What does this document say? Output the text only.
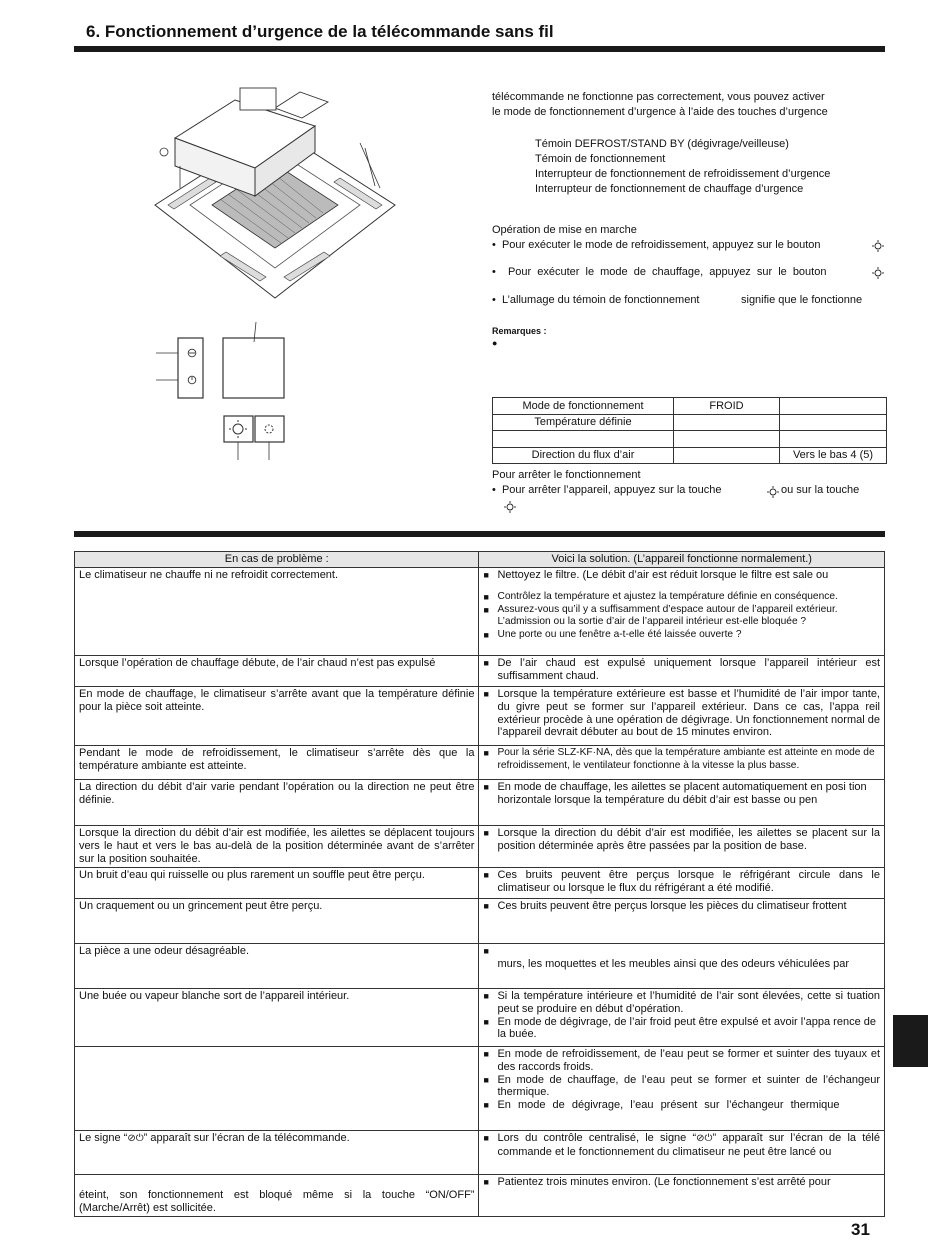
6. Fonctionnement d’urgence de la télécommande sans fil
télécommande ne fonctionne pas correctement, vous pouvez activer
le mode de fonctionnement d’urgence à l’aide des touches d’urgence
Témoin DEFROST/STAND BY (dégivrage/veilleuse)
Témoin de fonctionnement
Interrupteur de fonctionnement de refroidissement d’urgence
Interrupteur de fonctionnement de chauffage d’urgence
Opération de mise en marche
•  Pour exécuter le mode de refroidissement, appuyez sur le bouton
•  Pour exécuter le mode de chauffage, appuyez sur le bouton
•  L’allumage du témoin de fonctionnement	signifie que le fonctionne
Remarques :
●
Mode de fonctionnement	FROID	
Température définie		

Direction du flux d’air		Vers le bas 4 (5)
Pour arrêter le fonctionnement
•  Pour arrêter l’appareil, appuyez sur la touche	ou sur la touche
En cas de problème :	Voici la solution. (L’appareil fonctionne normalement.)
Le climatiseur ne chauffe ni ne refroidit correctement.	■ Nettoyez le filtre. (Le débit d’air est réduit lorsque le filtre est sale ou
■ Contrôlez la température et ajustez la température définie en conséquence.
■ Assurez-vous qu’il y a suffisamment d’espace autour de l’appareil extérieur. L’admission ou la sortie d’air de l’appareil intérieur est-elle bloquée ?
■ Une porte ou une fenêtre a-t-elle été laissée ouverte ?

Lorsque l’opération de chauffage débute, de l’air chaud n’est pas expulsé	■ De l’air chaud est expulsé uniquement lorsque l’appareil intérieur est suffisamment chaud.

En mode de chauffage, le climatiseur s’arrête avant que la température définie pour la pièce soit atteinte.	■ Lorsque la température extérieure est basse et l’humidité de l’air impor tante, du givre peut se former sur l’appareil extérieur. Dans ce cas, l’appa reil extérieur procède à une opération de dégivrage. Un fonctionnement normal de l’appareil devrait débuter au bout de 15 minutes environ.

Pendant le mode de refroidissement, le climatiseur s’arrête dès que la température ambiante est atteinte.	■ Pour la série SLZ-KF·NA, dès que la température ambiante est atteinte en mode de refroidissement, le ventilateur fonctionne à la vitesse la plus basse.

La direction du débit d’air varie pendant l’opération ou la direction ne peut être définie.	■ En mode de chauffage, les ailettes se placent automatiquement en posi tion horizontale lorsque la température du débit d’air est basse ou pen

Lorsque la direction du débit d’air est modifiée, les ailettes se déplacent toujours vers le haut et vers le bas au-delà de la position déterminée avant de s’arrêter sur la position souhaitée.	■ Lorsque la direction du débit d’air est modifiée, les ailettes se placent sur la position déterminée après être passées par la position de base.

Un bruit d’eau qui ruisselle ou plus rarement un souffle peut être perçu.	■ Ces bruits peuvent être perçus lorsque le réfrigérant circule dans le climatiseur ou lorsque le flux du réfrigérant a été modifié.

Un craquement ou un grincement peut être perçu.	■ Ces bruits peuvent être perçus lorsque les pièces du climatiseur frottent

La pièce a une odeur désagréable.	■ murs, les moquettes et les meubles ainsi que des odeurs véhiculées par

Une buée ou vapeur blanche sort de l’appareil intérieur.	■ Si la température intérieure et l’humidité de l’air sont élevées, cette si tuation peut se produire en début d’opération.
■ En mode de dégivrage, de l’air froid peut être expulsé et avoir l’appa rence de la buée.

	■ En mode de refroidissement, de l’eau peut se former et suinter des tuyaux et des raccords froids.
■ En mode de chauffage, de l’eau peut se former et suinter de l’échangeur thermique.
■ En mode de dégivrage, l’eau présent sur l’échangeur thermique

Le signe “⊘⏻” apparaît sur l’écran de la télécommande.	■ Lors du contrôle centralisé, le signe “⊘⏻” apparaît sur l’écran de la télé commande et le fonctionnement du climatiseur ne peut être lancé ou

éteint, son fonctionnement est bloqué même si la touche “ON/OFF” (Marche/Arrêt) est sollicitée.	■ Patientez trois minutes environ. (Le fonctionnement s’est arrêté pour
31
